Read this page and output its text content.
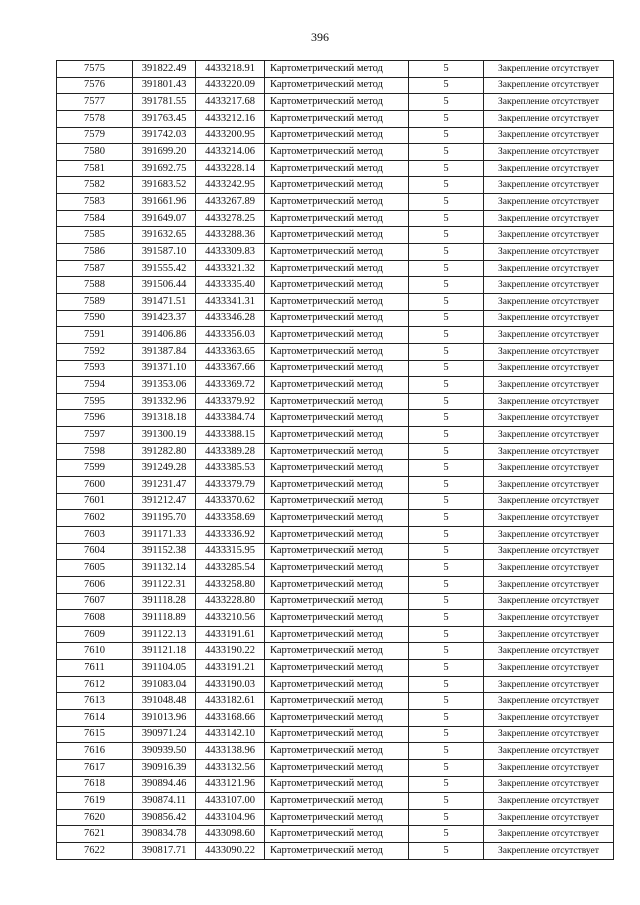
396
7575	391822.49	4433218.91	Картометрический метод	5	Закрепление отсутствует
7576	391801.43	4433220.09	Картометрический метод	5	Закрепление отсутствует
7577	391781.55	4433217.68	Картометрический метод	5	Закрепление отсутствует
7578	391763.45	4433212.16	Картометрический метод	5	Закрепление отсутствует
7579	391742.03	4433200.95	Картометрический метод	5	Закрепление отсутствует
7580	391699.20	4433214.06	Картометрический метод	5	Закрепление отсутствует
7581	391692.75	4433228.14	Картометрический метод	5	Закрепление отсутствует
7582	391683.52	4433242.95	Картометрический метод	5	Закрепление отсутствует
7583	391661.96	4433267.89	Картометрический метод	5	Закрепление отсутствует
7584	391649.07	4433278.25	Картометрический метод	5	Закрепление отсутствует
7585	391632.65	4433288.36	Картометрический метод	5	Закрепление отсутствует
7586	391587.10	4433309.83	Картометрический метод	5	Закрепление отсутствует
7587	391555.42	4433321.32	Картометрический метод	5	Закрепление отсутствует
7588	391506.44	4433335.40	Картометрический метод	5	Закрепление отсутствует
7589	391471.51	4433341.31	Картометрический метод	5	Закрепление отсутствует
7590	391423.37	4433346.28	Картометрический метод	5	Закрепление отсутствует
7591	391406.86	4433356.03	Картометрический метод	5	Закрепление отсутствует
7592	391387.84	4433363.65	Картометрический метод	5	Закрепление отсутствует
7593	391371.10	4433367.66	Картометрический метод	5	Закрепление отсутствует
7594	391353.06	4433369.72	Картометрический метод	5	Закрепление отсутствует
7595	391332.96	4433379.92	Картометрический метод	5	Закрепление отсутствует
7596	391318.18	4433384.74	Картометрический метод	5	Закрепление отсутствует
7597	391300.19	4433388.15	Картометрический метод	5	Закрепление отсутствует
7598	391282.80	4433389.28	Картометрический метод	5	Закрепление отсутствует
7599	391249.28	4433385.53	Картометрический метод	5	Закрепление отсутствует
7600	391231.47	4433379.79	Картометрический метод	5	Закрепление отсутствует
7601	391212.47	4433370.62	Картометрический метод	5	Закрепление отсутствует
7602	391195.70	4433358.69	Картометрический метод	5	Закрепление отсутствует
7603	391171.33	4433336.92	Картометрический метод	5	Закрепление отсутствует
7604	391152.38	4433315.95	Картометрический метод	5	Закрепление отсутствует
7605	391132.14	4433285.54	Картометрический метод	5	Закрепление отсутствует
7606	391122.31	4433258.80	Картометрический метод	5	Закрепление отсутствует
7607	391118.28	4433228.80	Картометрический метод	5	Закрепление отсутствует
7608	391118.89	4433210.56	Картометрический метод	5	Закрепление отсутствует
7609	391122.13	4433191.61	Картометрический метод	5	Закрепление отсутствует
7610	391121.18	4433190.22	Картометрический метод	5	Закрепление отсутствует
7611	391104.05	4433191.21	Картометрический метод	5	Закрепление отсутствует
7612	391083.04	4433190.03	Картометрический метод	5	Закрепление отсутствует
7613	391048.48	4433182.61	Картометрический метод	5	Закрепление отсутствует
7614	391013.96	4433168.66	Картометрический метод	5	Закрепление отсутствует
7615	390971.24	4433142.10	Картометрический метод	5	Закрепление отсутствует
7616	390939.50	4433138.96	Картометрический метод	5	Закрепление отсутствует
7617	390916.39	4433132.56	Картометрический метод	5	Закрепление отсутствует
7618	390894.46	4433121.96	Картометрический метод	5	Закрепление отсутствует
7619	390874.11	4433107.00	Картометрический метод	5	Закрепление отсутствует
7620	390856.42	4433104.96	Картометрический метод	5	Закрепление отсутствует
7621	390834.78	4433098.60	Картометрический метод	5	Закрепление отсутствует
7622	390817.71	4433090.22	Картометрический метод	5	Закрепление отсутствует
